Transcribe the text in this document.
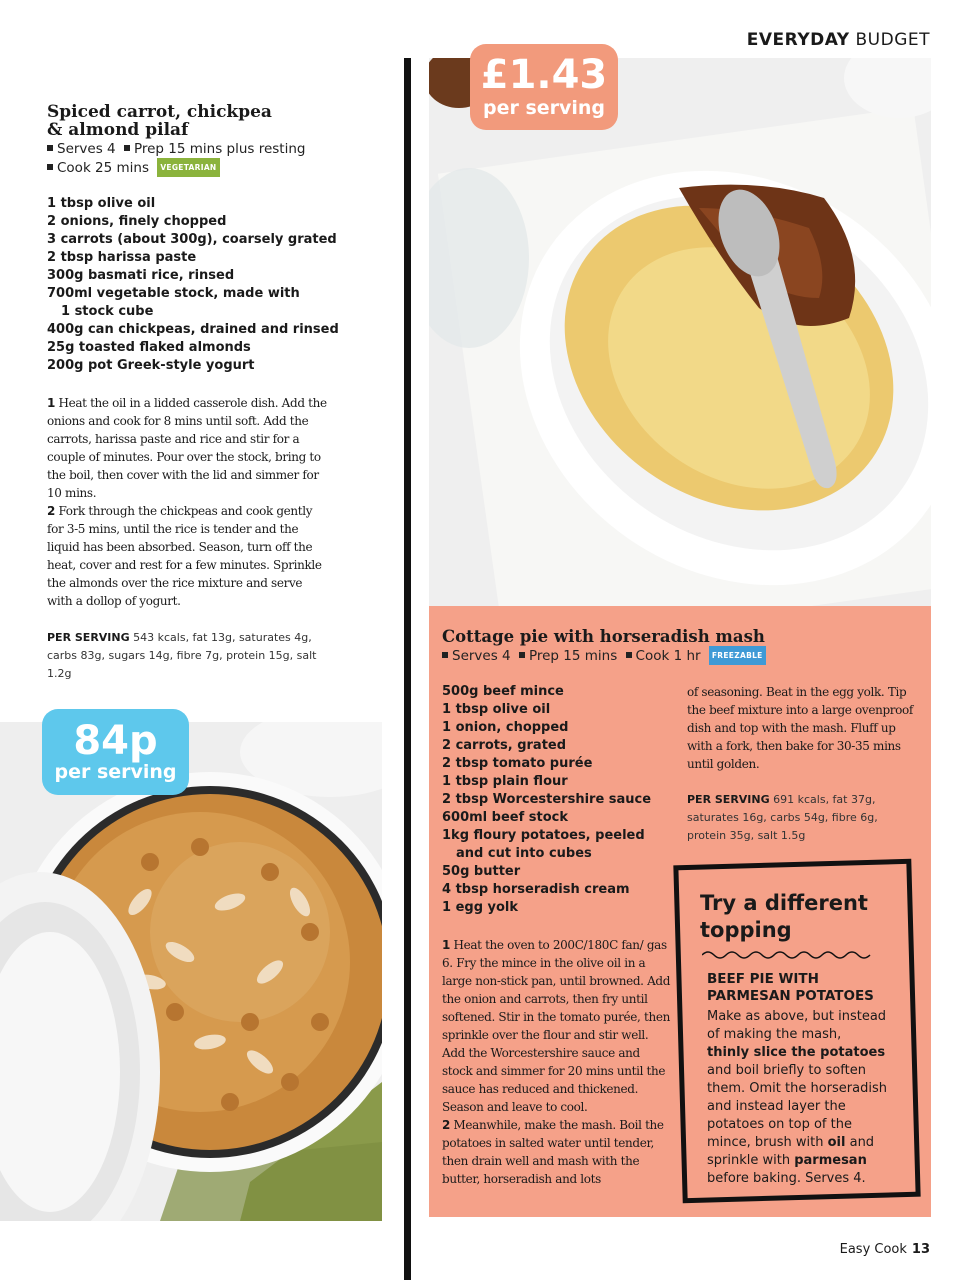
EVERYDAY BUDGET
Spiced carrot, chickpea
& almond pilaf
Serves 4 Prep 15 mins plus resting
Cook 25 mins VEGETARIAN
1 tbsp olive oil
2 onions, finely chopped
3 carrots (about 300g), coarsely grated
2 tbsp harissa paste
300g basmati rice, rinsed
700ml vegetable stock, made with
1 stock cube
400g can chickpeas, drained and rinsed
25g toasted flaked almonds
200g pot Greek-style yogurt

1 Heat the oil in a lidded casserole dish. Add the onions and cook for 8 mins until soft. Add the carrots, harissa paste and rice and stir for a couple of minutes. Pour over the stock, bring to the boil, then cover with the lid and simmer for 10 mins.

2 Fork through the chickpeas and cook gently for 3-5 mins, until the rice is tender and the liquid has been absorbed. Season, turn off the heat, cover and rest for a few minutes. Sprinkle the almonds over the rice mixture and serve with a dollop of yogurt.

PER SERVING 543 kcals, fat 13g, saturates 4g, carbs 83g, sugars 14g, fibre 7g, protein 15g, salt 1.2g
84p
per serving
£1.43
per serving
Cottage pie with horseradish mash
Serves 4 Prep 15 mins Cook 1 hr FREEZABLE
500g beef mince
1 tbsp olive oil
1 onion, chopped
2 carrots, grated
2 tbsp tomato purée
1 tbsp plain flour
2 tbsp Worcestershire sauce
600ml beef stock
1kg floury potatoes, peeled
and cut into cubes
50g butter
4 tbsp horseradish cream
1 egg yolk

1 Heat the oven to 200C/180C fan/ gas 6. Fry the mince in the olive oil in a large non-stick pan, until browned. Add the onion and carrots, then fry until softened. Stir in the tomato purée, then sprinkle over the flour and stir well. Add the Worcestershire sauce and stock and simmer for 20 mins until the sauce has reduced and thickened. Season and leave to cool.

2 Meanwhile, make the mash. Boil the potatoes in salted water until tender, then drain well and mash with the butter, horseradish and lots

of seasoning. Beat in the egg yolk. Tip the beef mixture into a large ovenproof dish and top with the mash. Fluff up with a fork, then bake for 30-35 mins until golden.
PER SERVING 691 kcals, fat 37g, saturates 16g, carbs 54g, fibre 6g, protein 35g, salt 1.5g
Try a different
topping
BEEF PIE WITH
PARMESAN POTATOES
Make as above, but instead of making the mash, thinly slice the potatoes and boil briefly to soften them. Omit the horseradish and instead layer the potatoes on top of the mince, brush with oil and sprinkle with parmesan before baking. Serves 4.
Easy Cook 13
